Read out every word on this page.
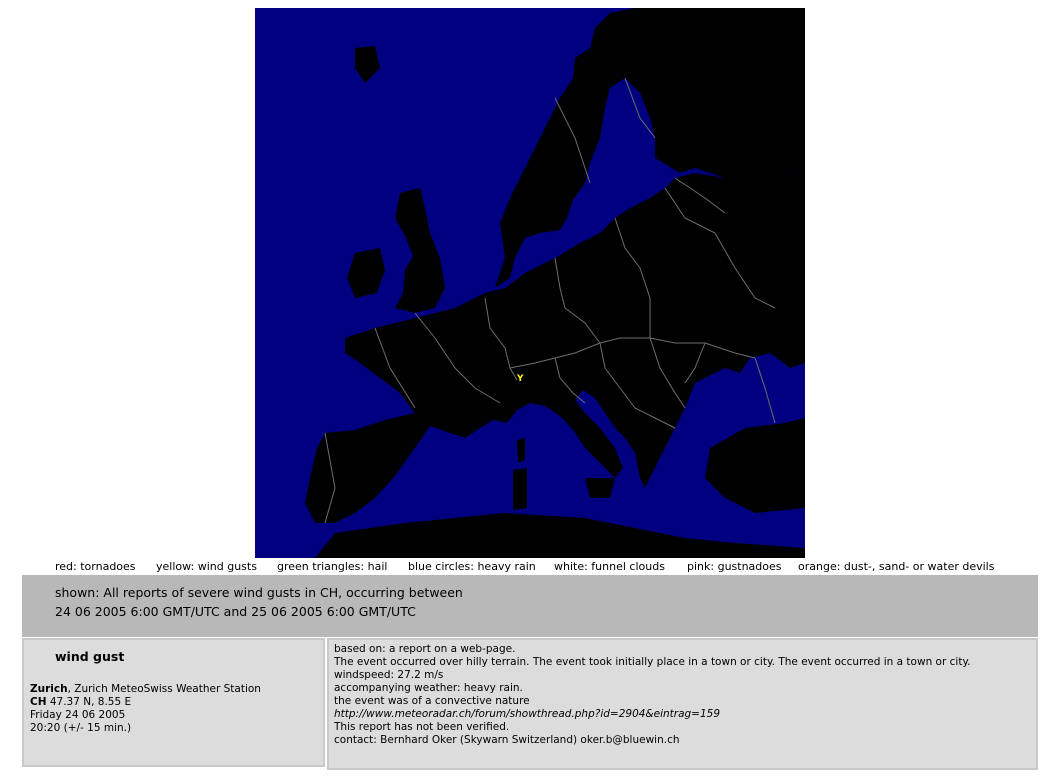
Y
red: tornadoes yellow: wind gusts green triangles: hail blue circles: heavy rain white: funnel clouds pink: gustnadoes orange: dust-, sand- or water devils
shown: All reports of severe wind gusts in CH, occurring between
24 06 2005 6:00 GMT/UTC and 25 06 2005 6:00 GMT/UTC
wind gust
Zurich, Zurich MeteoSwiss Weather Station
CH 47.37 N, 8.55 E
Friday 24 06 2005
20:20 (+/- 15 min.)
based on: a report on a web-page.
The event occurred over hilly terrain. The event took initially place in a town or city. The event occurred in a town or city.
windspeed: 27.2 m/s
accompanying weather: heavy rain.
the event was of a convective nature
http://www.meteoradar.ch/forum/showthread.php?id=2904&eintrag=159
This report has not been verified.
contact: Bernhard Oker (Skywarn Switzerland) oker.b@bluewin.ch
